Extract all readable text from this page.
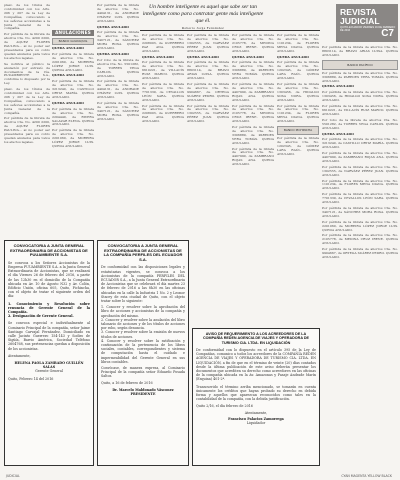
Un hombre inteligente es aquel que sabe ser tan inteligente como para contratar gente más inteligente que él.
Roberto Jorge Fernández
REVISTA
JUDICIAL
QUITO-ECUADOR VIERNES 16 DE FEBRERO DE 2016	C7

plazo de los títulos de conformidad con los Arts. 206 y 207 de la Ley de Compañías, convocando a los señores accionistas a la Junta General de la compañía.

Por pérdida de la libreta de ahorros Cta. No. 4200 2200, de AQUEZ FLORES PAULINA... al no poder ser presentados para su cobro quedan anulados para todos los efectos legales.

Se notifica al público la anulación por extravío de documentos de la Cía. PUUAMBIENTE S.A., conforme lo dispuesto por la Ley.

plazo de los títulos de conformidad con los Arts. 206 y 207 de la Ley de Compañías, convocando a los señores accionistas a la Junta General de la compañía.

Por pérdida de la libreta de ahorros Cta. No. 4200 2200, de AQUEZ FLORES PAULINA... al no poder ser presentados para su cobro quedan anulados para todos los efectos legales.

ANULACIONES
BANCO GUAYAQUIL

QUEDA ANULADO

Por pérdida de la libreta de ahorros Cta. No. 2201060, de MOREIRA LÓPEZ JORGE LUIS. QUEDA ANULADO.

QUEDA ANULADO

Por pérdida de la libreta de ahorros Cta. No. 3213240, de CASTILLO ORTIZ MARÍA. QUEDA ANULADO.

QUEDA ANULADO

Por pérdida de la libreta de ahorros Cta. No. 2204440, de RIVERA SALAZAR ELENA. QUEDA ANULADO.

Por pérdida de la libreta de ahorros Cta. No. 2201060, de MOREIRA LÓPEZ JORGE LUIS. QUEDA ANULADO.

Por pérdida de la libreta de ahorros Cta. No. 4404131, de ANDRADE CHÁVEZ LUIS. QUEDA ANULADO.

QUEDA ANULADO

Por pérdida de la libreta de ahorros Cta. No. 3407121, de SÁNCHEZ MORA ROSA. QUEDA ANULADO.

QUEDA ANULADO

Por robo de la libreta de ahorros Cta. No. 5501282, de TORRES VEGA CARLOS. QUEDA ANULADO.

Por pérdida de la libreta de ahorros Cta. No. 4404131, de ANDRADE CHÁVEZ LUIS. QUEDA ANULADO.

Por pérdida de la libreta de ahorros Cta. No. 3407121, de SÁNCHEZ MORA ROSA. QUEDA ANULADO.

Por pérdida de la libreta de ahorros Cta. No. 2208003, de GUERRERO PAZ ANA. QUEDA ANULADO.

QUEDA ANULADO

Por pérdida de la libreta de ahorros Cta. No. 6610221, de VILLACÍS RUIZ MARCO. QUEDA ANULADO.

Por pérdida de la libreta de ahorros Cta. No. 7701339, de CEVALLOS LEÓN SARA. QUEDA ANULADO.

Por pérdida de la libreta de ahorros Cta. No. 2208003, de GUERRERO PAZ ANA. QUEDA ANULADO.

Por pérdida de la libreta de ahorros Cta. No. 1302555, de NARVÁEZ PÉREZ JUAN. QUEDA ANULADO.

QUEDA ANULADO

Por pérdida de la libreta de ahorros Cta. No. 8803114, de BRAVO ARIAS LUISA. QUEDA ANULADO.

Por pérdida de la libreta de ahorros Cta. No. 9904667, de ORTEGA SUÁREZ PEDRO. QUEDA ANULADO.

Por pérdida de la libreta de ahorros Cta. No. 1302555, de NARVÁEZ PÉREZ JUAN. QUEDA ANULADO.

Por pérdida de la libreta de ahorros Cta. No. 2105778, de MEDINA CRUZ IRENE. QUEDA ANULADO.

QUEDA ANULADO

Por pérdida de la libreta de ahorros Cta. No. 3306889, de PAREDES VERA TOMÁS. QUEDA ANULADO.

Por pérdida de la libreta de ahorros Cta. No. 4407990, de ZAMBRANO ROJAS ANA. QUEDA ANULADO.

Por pérdida de la libreta de ahorros Cta. No. 2105778, de MEDINA CRUZ IRENE. QUEDA ANULADO.

Por pérdida de la libreta de ahorros Cta. No. 3306889, de PAREDES VERA TOMÁS. QUEDA ANULADO.

Por pérdida de la libreta de ahorros Cta. No. 4407990, de ZAMBRANO ROJAS ANA. QUEDA ANULADO.

Por pérdida de la libreta de ahorros Cta. No. 1101234, de FLORES MENA DIANA. QUEDA ANULADO.

QUEDA ANULADO

Por pérdida de la libreta de ahorros Cta. No. 1202345, de GÓMEZ LARA RAÚL. QUEDA ANULADO.

Por pérdida de la libreta de ahorros Cta. No. 1303456, de HIDALGO SOSA NORA. QUEDA ANULADO.

Por pérdida de la libreta de ahorros Cta. No. 1101234, de FLORES MENA DIANA. QUEDA ANULADO.

BANCO PICHINCHA

Por pérdida de la libreta de ahorros Cta. No. 1202345, de GÓMEZ LARA RAÚL. QUEDA ANULADO.

Por pérdida de la libreta de ahorros Cta. No. 8803114, de BRAVO ARIAS LUISA. QUEDA ANULADO.

BANCO PACÍFICO

Por pérdida de la libreta de ahorros Cta. No. 3306889, de PAREDES VERA TOMÁS. QUEDA ANULADO.

QUEDA ANULADO

Por pérdida de la libreta de ahorros Cta. No. 1303456, de HIDALGO SOSA NORA. QUEDA ANULADO.

Por pérdida de la libreta de ahorros Cta. No. 6610221, de VILLACÍS RUIZ MARCO. QUEDA ANULADO.

Por robo de la libreta de ahorros Cta. No. 5501282, de TORRES VEGA CARLOS. QUEDA ANULADO.

QUEDA ANULADO

Por pérdida de la libreta de ahorros Cta. No. 3213240, de CASTILLO ORTIZ MARÍA. QUEDA ANULADO.

Por pérdida de la libreta de ahorros Cta. No. 4407990, de ZAMBRANO ROJAS ANA. QUEDA ANULADO.

Por pérdida de la libreta de ahorros Cta. No. 1302555, de NARVÁEZ PÉREZ JUAN. QUEDA ANULADO.

Por pérdida de la libreta de ahorros Cta. No. 1101234, de FLORES MENA DIANA. QUEDA ANULADO.

Por pérdida de la libreta de ahorros Cta. No. 7701339, de CEVALLOS LEÓN SARA. QUEDA ANULADO.

Por pérdida de la libreta de ahorros Cta. No. 3407121, de SÁNCHEZ MORA ROSA. QUEDA ANULADO.

Por pérdida de la libreta de ahorros Cta. No. 2201060, de MOREIRA LÓPEZ JORGE LUIS. QUEDA ANULADO.

Por pérdida de la libreta de ahorros Cta. No. 2105778, de MEDINA CRUZ IRENE. QUEDA ANULADO.

Por pérdida de la libreta de ahorros Cta. No. 9904667, de ORTEGA SUÁREZ PEDRO. QUEDA ANULADO.

CONVOCATORIA A JUNTA GENERAL EXTRAORDINARIA DE ACCIONISTAS DE PUUAMBIENTE S.A.
Se convoca a los Señores Accionistas de la Empresa PUUAMBIENTE S.A. a la Junta General Extraordinaria de Accionistas, que se realizará el día Viernes 26 de febrero del 2016, a partir de las 12h30 en el domicilio de la Compañía ubicada en Av. 10 de Agosto N32 y Av. Colón, Edificio Unión, oficina 605, Quito, Pichincha, con el objeto de tratar el siguiente orden del día:
1. Conocimiento y Resolución sobre renuncia de Gerente General de la Compañía.
2. Designación de Gerente General.
Se convoca especial e individualmente al Comisario Principal de la compañía, señor Jaime Santiago Carvajal Fernández, Domiciliado en calle Jacinto Guerrero 154-143 y Sodiro de Sigüía, Barrio América, Sociedad Teléfono 2604768, sus pertenencias quedan a disposición de los accionistas.
Atentamente,
HELENA PAOLA ZAMBADO GUILLÉN SALAS
Gerente General
Quito, Febrero 14 del 2016
CONVOCATORIA A JUNTA GENERAL EXTRAORDINARIA DE ACCIONISTAS DE LA COMPAÑÍA PERFILES DEL ECUADOR S.A.
De conformidad con las disposiciones legales y estatutarias vigentes, se convoca a los Accionistas de la compañía PERFILES DEL ECUADOR S.A., a la Junta General Extraordinaria de Accionistas que se celebrará el día martes 23 de febrero de 2016 a las 8h30 en las oficinas ubicadas en la calle la Industria 1 No. 2 y Leonor Stacey de esta ciudad de Quito, con el objeto tratar sobre lo siguiente:
1. Conocer y resolver sobre la aprobación del libro de acciones y accionistas de la compañía y aprobación del mismo.
2. Conocer y resolver sobre la anulación del libro talonario de acciones y de los títulos de acciones por robo, según denuncia.
3. Conocer y resolver sobre la emisión de nuevos títulos de acciones.
4. Conocer y resolver sobre la ratificación y continuación de la pertenencia de los libros sociales, contables, correspondientes y sistema de computación hasta el cuidado e impermeabilidad del Gerente General en sus libros contables.
Convócase, de manera expresa, al Comisario Principal de la compañía señor Eduardo Posada Saltos.
Quito, a 16 de febrero de 2016
Dr. Marcelo Maldonado Vásconez
PRESIDENTE
AVISO DE REQUERIMIENTO A LOS ACREEDORES DE LA COMPAÑÍA REDEN AGENCIA DE VIAJES Y OPERADORA DE TURISMO CIA. LTDA. EN LIQUIDACIÓN
De conformidad con lo dispuesto en el artículo 395 de la Ley de Compañías, comunico a todos los acreedores de la COMPAÑÍA REDEN AGENCIA DE VIAJES Y OPERADORA DE TURISMO CIA. LTDA. EN LIQUIDACIÓN, a fin de que en el término de veinte (20) días contados desde la última publicación de este aviso deberán presentar los documentos que acrediten su derecho como acreedores en las oficinas de la compañía ubicada en la Av. Amazonas y Pasaje Andrade Marín (Esquina) 401-2ª.
Transcurrido el término arriba mencionado, se tomarán en cuenta únicamente los créditos que hayan probado su derecho en debida forma y aquellos que aparezcan reconocidos como tales en la contabilidad de la compañía, con la debida justificación.
Quito 2/16, el día febrero de 2016
Atentamente,
Francisco Palacios Zamorrega
Liquidador
JUDICIAL	CYAN MAGENTA YELLOW BLACK
